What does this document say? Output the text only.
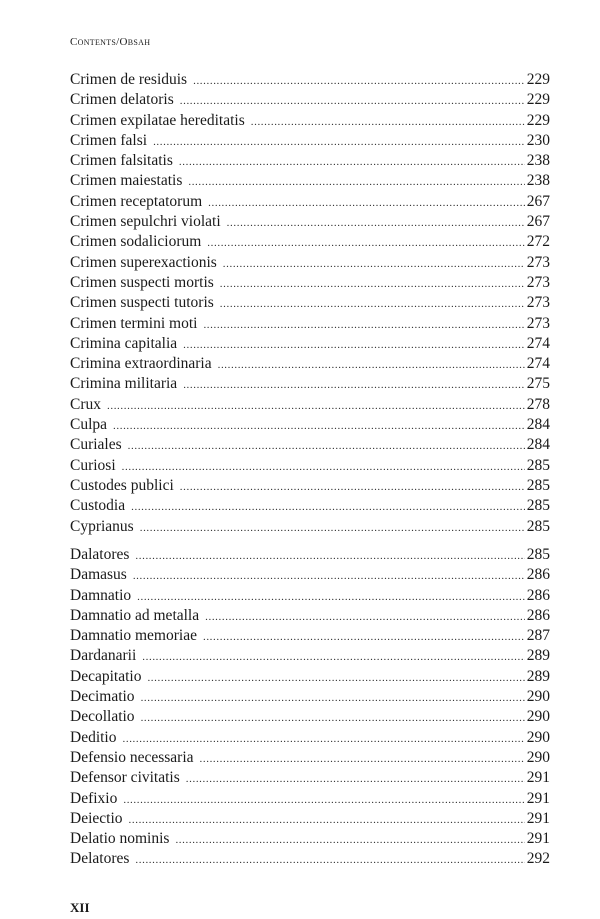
Contents/Obsah
Crimen de residuis .....	229
Crimen delatoris .....	229
Crimen expilatae hereditatis .....	229
Crimen falsi .....	230
Crimen falsitatis .....	238
Crimen maiestatis .....	238
Crimen receptatorum .....	267
Crimen sepulchri violati .....	267
Crimen sodaliciorum .....	272
Crimen superexactionis .....	273
Crimen suspecti mortis .....	273
Crimen suspecti tutoris .....	273
Crimen termini moti .....	273
Crimina capitalia .....	274
Crimina extraordinaria .....	274
Crimina militaria .....	275
Crux .....	278
Culpa .....	284
Curiales .....	284
Curiosi .....	285
Custodes publici .....	285
Custodia .....	285
Cyprianus .....	285
Dalatores .....	285
Damasus .....	286
Damnatio .....	286
Damnatio ad metalla .....	286
Damnatio memoriae .....	287
Dardanarii .....	289
Decapitatio .....	289
Decimatio .....	290
Decollatio .....	290
Deditio .....	290
Defensio necessaria .....	290
Defensor civitatis .....	291
Defixio .....	291
Deiectio .....	291
Delatio nominis .....	291
Delatores .....	292
XII
